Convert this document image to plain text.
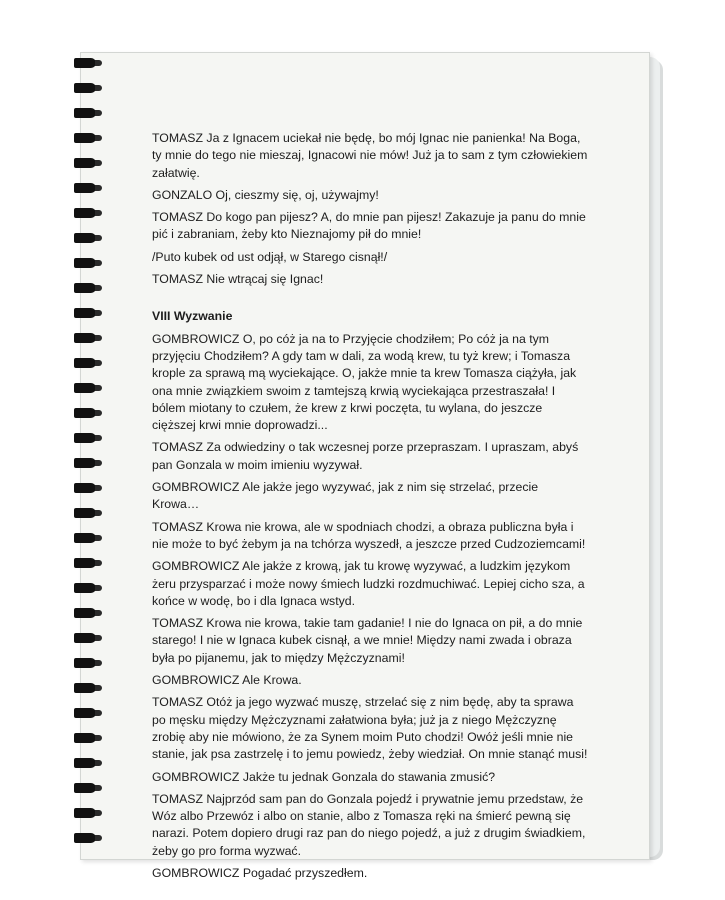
TOMASZ Ja z Ignacem uciekał nie będę, bo mój Ignac nie panienka! Na Boga, ty mnie do tego nie mieszaj, Ignacowi nie mów! Już ja to sam z tym człowiekiem załatwię.

GONZALO Oj, cieszmy się, oj, używajmy!

TOMASZ Do kogo pan pijesz? A, do mnie pan pijesz! Zakazuje ja panu do mnie pić i zabraniam, żeby kto Nieznajomy pił do mnie!

/Puto kubek od ust odjął, w Starego cisnął!/

TOMASZ Nie wtrącaj się Ignac!

VIII Wyzwanie

GOMBROWICZ O, po cóż ja na to Przyjęcie chodziłem; Po cóż ja na tym przyjęciu Chodziłem? A gdy tam w dali, za wodą krew, tu tyż krew; i Tomasza krople za sprawą mą wyciekające. O, jakże mnie ta krew Tomasza ciążyła, jak ona mnie związkiem swoim z tamtejszą krwią wyciekająca przestraszała! I bólem miotany to czułem, że krew z krwi poczęta, tu wylana, do jeszcze cięższej krwi mnie doprowadzi...

TOMASZ Za odwiedziny o tak wczesnej porze przepraszam. I upraszam, abyś pan Gonzala w moim imieniu wyzywał.

GOMBROWICZ Ale jakże jego wyzywać, jak z nim się strzelać, przecie Krowa…

TOMASZ Krowa nie krowa, ale w spodniach chodzi, a obraza publiczna była i nie może to być żebym ja na tchórza wyszedł, a jeszcze przed Cudzoziemcami!

GOMBROWICZ Ale jakże z krową, jak tu krowę wyzywać, a ludzkim językom żeru przysparzać i może nowy śmiech ludzki rozdmuchiwać. Lepiej cicho sza, a końce w wodę, bo i dla Ignaca wstyd.

TOMASZ Krowa nie krowa, takie tam gadanie! I nie do Ignaca on pił, a do mnie starego! I nie w Ignaca kubek cisnął, a we mnie! Między nami zwada i obraza była po pijanemu, jak to między Mężczyznami!

GOMBROWICZ Ale Krowa.

TOMASZ Otóż ja jego wyzwać muszę, strzelać się z nim będę, aby ta sprawa po męsku między Mężczyznami załatwiona była; już ja z niego Mężczyznę zrobię aby nie mówiono, że za Synem moim Puto chodzi! Owóż jeśli mnie nie stanie, jak psa zastrzelę i to jemu powiedz, żeby wiedział. On mnie stanąć musi!

GOMBROWICZ Jakże tu jednak Gonzala do stawania zmusić?

TOMASZ Najprzód sam pan do Gonzala pojedź i prywatnie jemu przedstaw, że Wóz albo Przewóz i albo on stanie, albo z Tomasza ręki na śmierć pewną się narazi. Potem dopiero drugi raz pan do niego pojedź, a już z drugim świadkiem, żeby go pro forma wyzwać.

GOMBROWICZ Pogadać przyszedłem.
